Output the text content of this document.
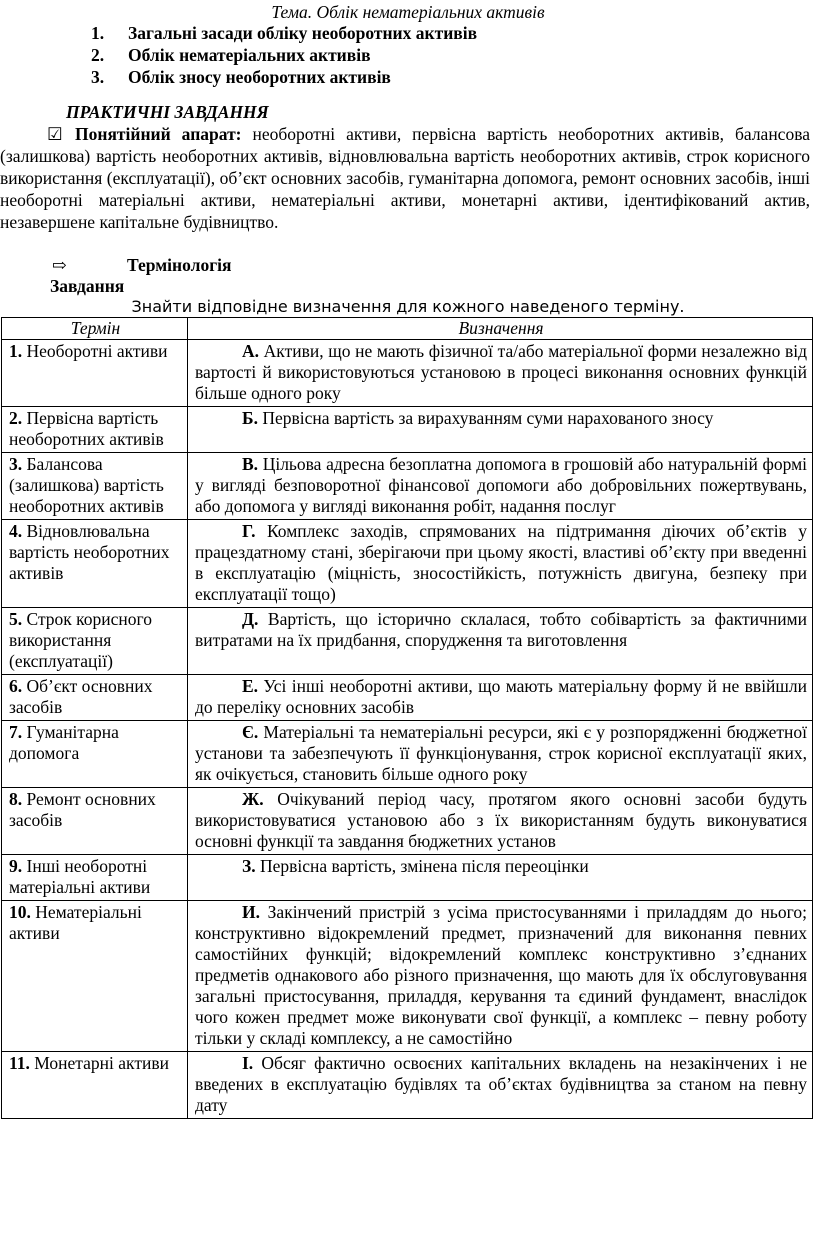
Тема. Облік нематеріальних активів
1.	Загальні засади обліку необоротних активів
2.	Облік нематеріальних активів
3.	Облік зносу необоротних активів
ПРАКТИЧНІ ЗАВДАННЯ
☑ Понятійний апарат: необоротні активи, первісна вартість необоротних активів, балансова (залишкова) вартість необоротних активів, відновлювальна вартість необоротних активів, строк корисного використання (експлуатації), об’єкт основних засобів, гуманітарна допомога, ремонт основних засобів, інші необоротні матеріальні активи, нематеріальні активи, монетарні активи, ідентифікований актив, незавершене капітальне будівництво.
⇨	Термінологія
Завдання
Знайти відповідне визначення для кожного наведеного терміну.
Термін	Визначення
1. Необоротні активи	А. Активи, що не мають фізичної та/або матеріальної форми незалежно від вартості й використовуються установою в процесі виконання основних функцій більше одного року
2. Первісна вартість необоротних активів	Б. Первісна вартість за вирахуванням суми нарахованого зносу
3. Балансова (залишкова) вартість необоротних активів	В. Цільова адресна безоплатна допомога в грошовій або натуральній формі у вигляді безповоротної фінансової допомоги або добровільних пожертвувань, або допомога у вигляді виконання робіт, надання послуг
4. Відновлювальна вартість необоротних активів	Г. Комплекс заходів, спрямованих на підтримання діючих об’єктів у працездатному стані, зберігаючи при цьому якості, властиві об’єкту при введенні в експлуатацію (міцність, зносостійкість, потужність двигуна, безпеку при експлуатації тощо)
5. Строк корисного використання (експлуатації)	Д. Вартість, що історично склалася, тобто собівартість за фактичними витратами на їх придбання, спорудження та виготовлення
6. Об’єкт основних засобів	Е. Усі інші необоротні активи, що мають матеріальну форму й не ввійшли до переліку основних засобів
7. Гуманітарна допомога	Є. Матеріальні та нематеріальні ресурси, які є у розпорядженні бюджетної установи та забезпечують її функціонування, строк корисної експлуатації яких, як очікується, становить більше одного року
8. Ремонт основних засобів	Ж. Очікуваний період часу, протягом якого основні засоби будуть використовуватися установою або з їх використанням будуть виконуватися основні функції та завдання бюджетних установ
9. Інші необоротні матеріальні активи	З. Первісна вартість, змінена після переоцінки
10. Нематеріальні активи	И. Закінчений пристрій з усіма пристосуваннями і приладдям до нього; конструктивно відокремлений предмет, призначений для виконання певних самостійних функцій; відокремлений комплекс конструктивно з’єднаних предметів однакового або різного призначення, що мають для їх обслуговування загальні пристосування, приладдя, керування та єдиний фундамент, внаслідок чого кожен предмет може виконувати свої функції, а комплекс – певну роботу тільки у складі комплексу, а не самостійно
11. Монетарні активи	І. Обсяг фактично освоєних капітальних вкладень на незакінчених і не введених в експлуатацію будівлях та об’єктах будівництва за станом на певну дату
